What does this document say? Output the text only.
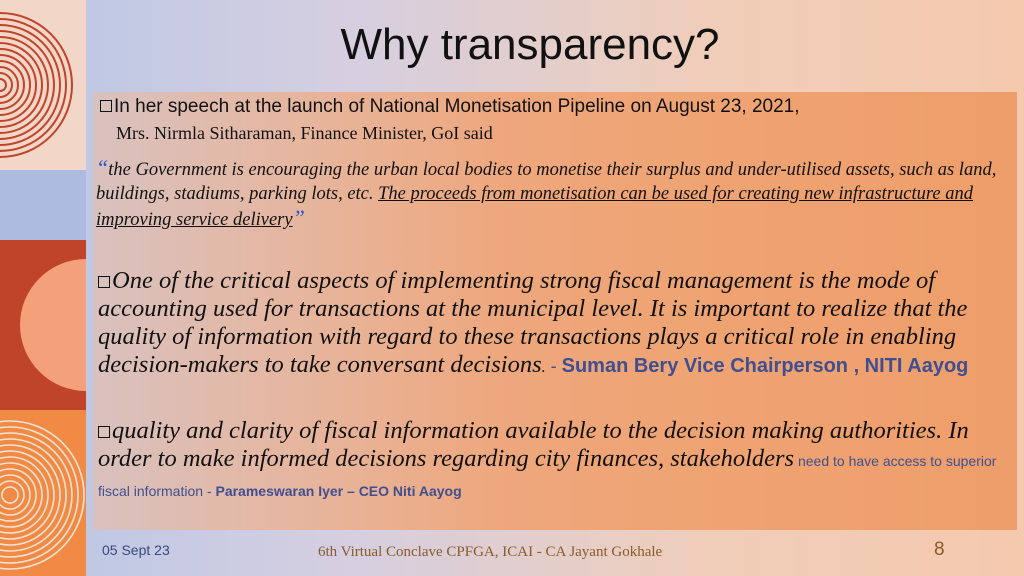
Why transparency?
In her speech at the launch of National Monetisation Pipeline on August 23, 2021,
Mrs. Nirmla Sitharaman, Finance Minister, GoI said
“the Government is encouraging the urban local bodies to monetise their surplus and under-utilised assets, such as land, buildings, stadiums, parking lots, etc. The proceeds from monetisation can be used for creating new infrastructure and improving service delivery”
One of the critical aspects of implementing strong fiscal management is the mode of accounting used for transactions at the municipal level. It is important to realize that the quality of information with regard to these transactions plays a critical role in enabling decision-makers to take conversant decisions. - Suman Bery Vice Chairperson , NITI Aayog
quality and clarity of fiscal information available to the decision making authorities. In order to make informed decisions regarding city finances, stakeholders need to have access to superior fiscal information - Parameswaran Iyer – CEO Niti Aayog
05 Sept 23	6th Virtual Conclave CPFGA, ICAI - CA Jayant Gokhale	8
